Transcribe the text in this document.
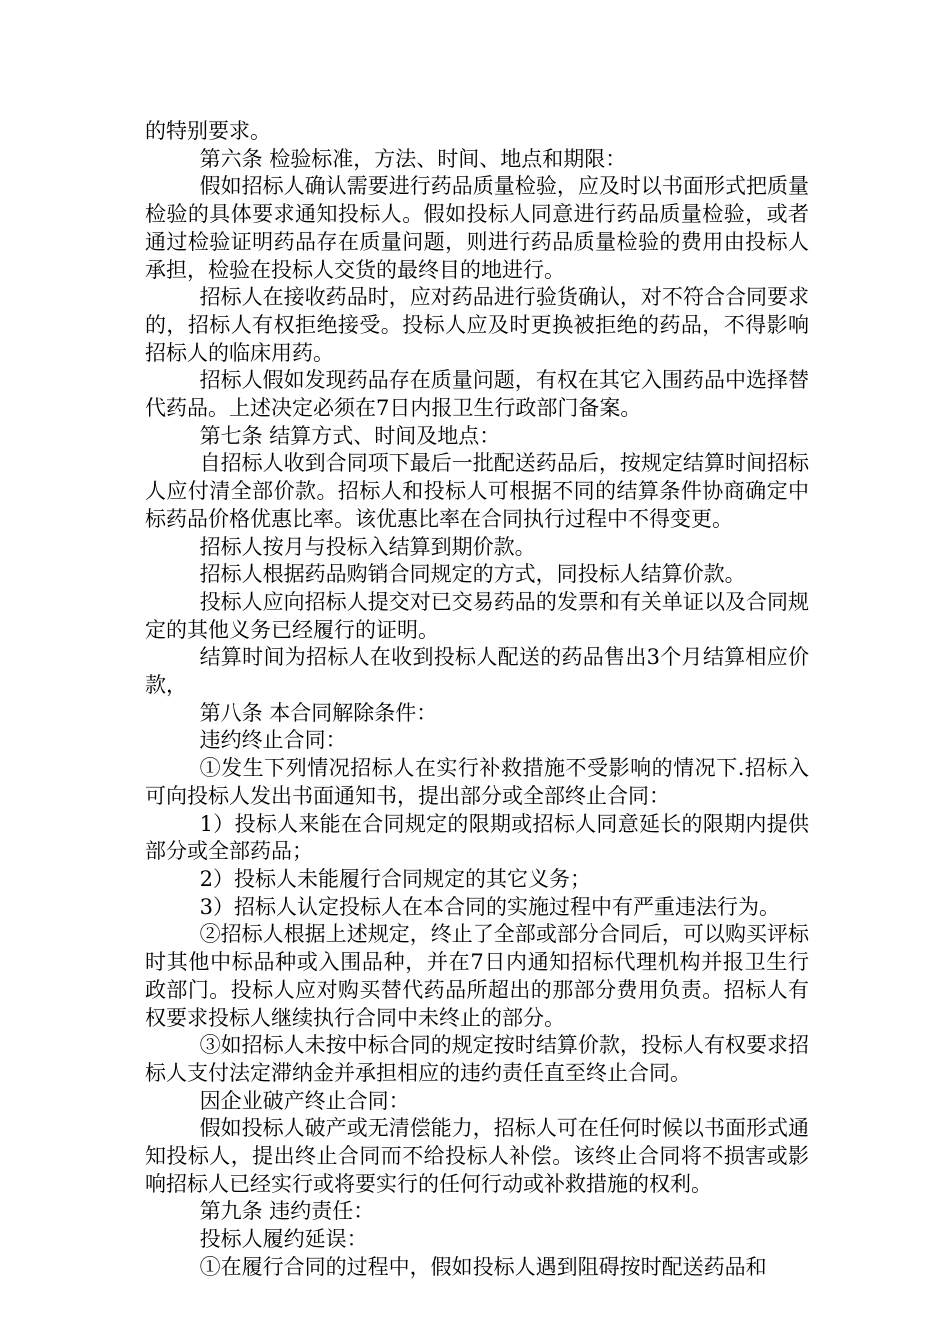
的特别要求。

第六条 检验标准，方法、时间、地点和期限：

假如招标人确认需要进行药品质量检验，应及时以书面形式把质量检验的具体要求通知投标人。假如投标人同意进行药品质量检验，或者通过检验证明药品存在质量问题，则进行药品质量检验的费用由投标人承担，检验在投标人交货的最终目的地进行。

招标人在接收药品时，应对药品进行验货确认，对不符合合同要求的，招标人有权拒绝接受。投标人应及时更换被拒绝的药品，不得影响招标人的临床用药。

招标人假如发现药品存在质量问题，有权在其它入围药品中选择替代药品。上述决定必须在7日内报卫生行政部门备案。

第七条 结算方式、时间及地点：

自招标人收到合同项下最后一批配送药品后，按规定结算时间招标人应付清全部价款。招标人和投标人可根据不同的结算条件协商确定中标药品价格优惠比率。该优惠比率在合同执行过程中不得变更。

招标人按月与投标入结算到期价款。

招标人根据药品购销合同规定的方式，同投标人结算价款。

投标人应向招标人提交对已交易药品的发票和有关单证以及合同规定的其他义务已经履行的证明。

结算时间为招标人在收到投标人配送的药品售出3个月结算相应价款，

第八条 本合同解除条件：

违约终止合同：

①发生下列情况招标人在实行补救措施不受影响的情况下.招标入可向投标人发出书面通知书，提出部分或全部终止合同：

1）投标人来能在合同规定的限期或招标人同意延长的限期内提供部分或全部药品；

2）投标人未能履行合同规定的其它义务；

3）招标人认定投标人在本合同的实施过程中有严重违法行为。

②招标人根据上述规定，终止了全部或部分合同后，可以购买评标时其他中标品种或入围品种，并在7日内通知招标代理机构并报卫生行政部门。投标人应对购买替代药品所超出的那部分费用负责。招标人有权要求投标人继续执行合同中未终止的部分。

③如招标人未按中标合同的规定按时结算价款，投标人有权要求招标人支付法定滞纳金并承担相应的违约责任直至终止合同。

因企业破产终止合同：

假如投标人破产或无清偿能力，招标人可在任何时候以书面形式通知投标人，提出终止合同而不给投标人补偿。该终止合同将不损害或影响招标人已经实行或将要实行的任何行动或补救措施的权利。

第九条 违约责任：

投标人履约延误：

①在履行合同的过程中，假如投标人遇到阻碍按时配送药品和
